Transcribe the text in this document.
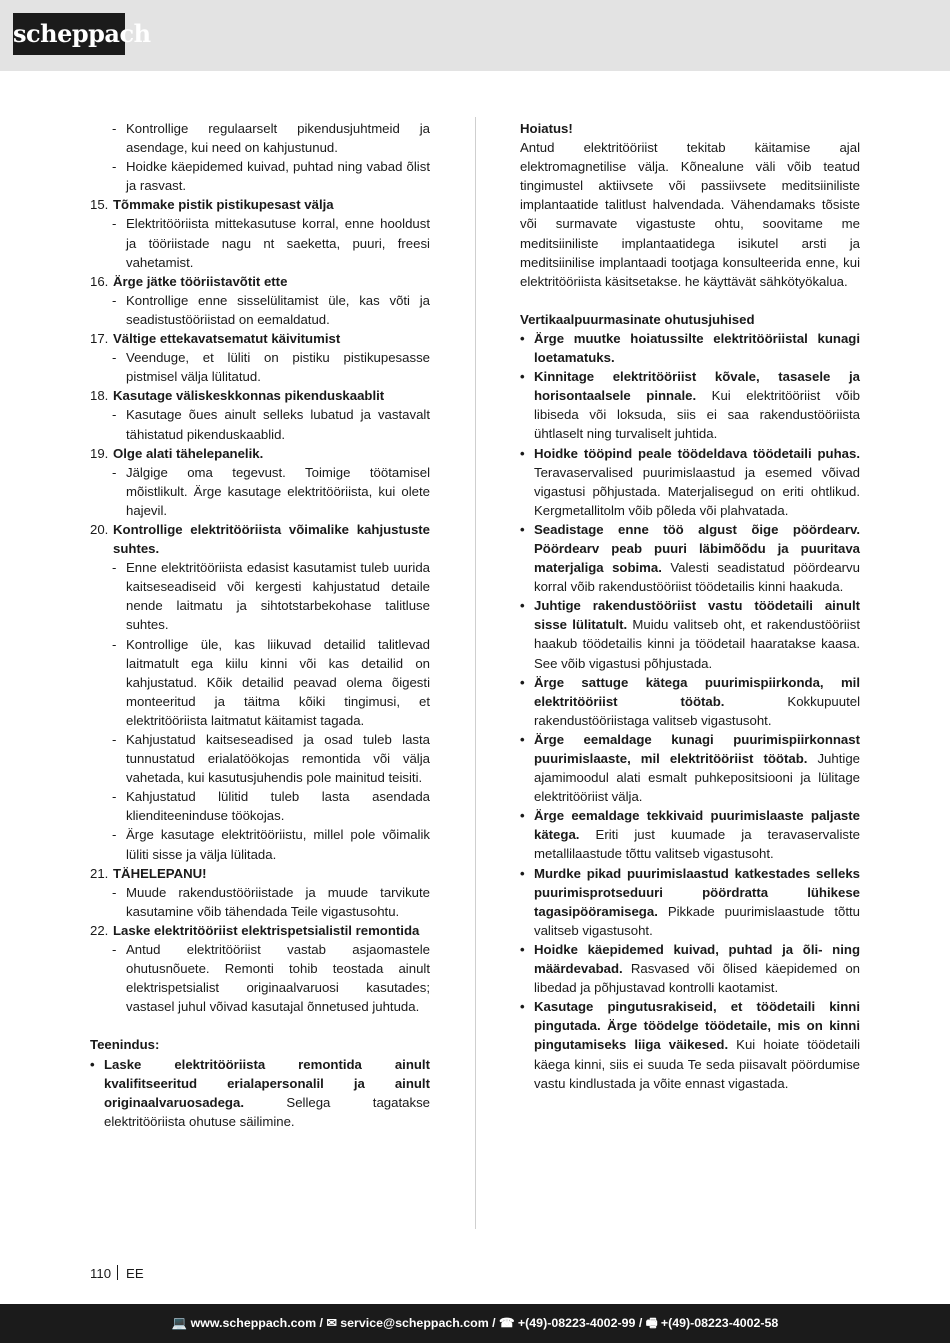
scheppach
- Kontrollige regulaarselt pikendusjuhtmeid ja asendage, kui need on kahjustunud.
- Hoidke käepidemed kuivad, puhtad ning vabad õlist ja rasvast.
15. Tõmmake pistik pistikupesast välja
- Elektritööriista mittekasutuse korral, enne hooldust ja tööriistade nagu nt saeketta, puuri, freesi vahetamist.
16. Ärge jätke tööriistavõtit ette
- Kontrollige enne sisselülitamist üle, kas võti ja seadistustööriistad on eemaldatud.
17. Vältige ettekavatsematut käivitumist
- Veenduge, et lüliti on pistiku pistikupesasse pistmisel välja lülitatud.
18. Kasutage väliskeskkonnas pikenduskaablit
- Kasutage õues ainult selleks lubatud ja vastavalt tähistatud pikenduskaablid.
19. Olge alati tähelepanelik.
- Jälgige oma tegevust. Toimige töötamisel mõistlikult. Ärge kasutage elektritööriista, kui olete hajevil.
20. Kontrollige elektritööriista võimalike kahjustuste suhtes.
- Enne elektritööriista edasist kasutamist tuleb uurida kaitseseadiseid või kergesti kahjustatud detaile nende laitmatu ja sihtotstarbekohase talitluse suhtes.
- Kontrollige üle, kas liikuvad detailid talitlevad laitmatult ega kiilu kinni või kas detailid on kahjustatud. Kõik detailid peavad olema õigesti monteeritud ja täitma kõiki tingimusi, et elektritööriista laitmatut käitamist tagada.
- Kahjustatud kaitseseadised ja osad tuleb lasta tunnustatud erialatöökojas remontida või välja vahetada, kui kasutusjuhendis pole mainitud teisiti.
- Kahjustatud lülitid tuleb lasta asendada klienditeeninduse töökojas.
- Ärge kasutage elektritööriistu, millel pole võimalik lüliti sisse ja välja lülitada.
21. TÄHELEPANU!
- Muude rakendustööriistade ja muude tarvikute kasutamine võib tähendada Teile vigastusohtu.
22. Laske elektritööriist elektrispetsialistil remontida
- Antud elektritööriist vastab asjaomastele ohutusnõuete. Remonti tohib teostada ainult elektrispetsialist originaalvaruosi kasutades; vastasel juhul võivad kasutajal õnnetused juhtuda.

Teenindus:

• Laske elektritööriista remontida ainult kvalifitseeritud erialapersonalil ja ainult originaalvaruosadega. Sellega tagatakse elektritööriista ohutuse säilimine.

Hoiatus!

Antud elektritööriist tekitab käitamise ajal elektromagnetilise välja. Kõnealune väli võib teatud tingimustel aktiivsete või passiivsete meditsiiniliste implantaatide talitlust halvendada. Vähendamaks tõsiste või surmavate vigastuste ohtu, soovitame me meditsiiniliste implantaatidega isikutel arsti ja meditsiinilise implantaadi tootjaga konsulteerida enne, kui elektritööriista käsitsetakse. he käyttävät sähkötyökalua.

Vertikaalpuurmasinate ohutusjuhised

• Ärge muutke hoiatussilte elektritööriistal kunagi loetamatuks.
• Kinnitage elektritööriist kõvale, tasasele ja horisontaalsele pinnale. Kui elektritööriist võib libiseda või loksuda, siis ei saa rakendustööriista ühtlaselt ning turvaliselt juhtida.
• Hoidke tööpind peale töödeldava töödetaili puhas. Teravaservalised puurimislaastud ja esemed võivad vigastusi põhjustada. Materjalisegud on eriti ohtlikud. Kergmetallitolm võib põleda või plahvatada.
• Seadistage enne töö algust õige pöördearv. Pöördearv peab puuri läbimõõdu ja puuritava materjaliga sobima. Valesti seadistatud pöördearvu korral võib rakendustööriist töödetailis kinni haakuda.
• Juhtige rakendustööriist vastu töödetaili ainult sisse lülitatult. Muidu valitseb oht, et rakendustööriist haakub töödetailis kinni ja töödetail haaratakse kaasa. See võib vigastusi põhjustada.
• Ärge sattuge kätega puurimispiirkonda, mil elektritööriist töötab. Kokkupuutel rakendustööriistaga valitseb vigastusoht.
• Ärge eemaldage kunagi puurimispiirkonnast puurimislaaste, mil elektritööriist töötab. Juhtige ajamimoodul alati esmalt puhkepositsiooni ja lülitage elektritööriist välja.
• Ärge eemaldage tekkivaid puurimislaaste paljaste kätega. Eriti just kuumade ja teravaservaliste metallilaastude tõttu valitseb vigastusoht.
• Murdke pikad puurimislaastud katkestades selleks puurimisprotseduuri pöördratta lühikese tagasipööramisega. Pikkade puurimislaastude tõttu valitseb vigastusoht.
• Hoidke käepidemed kuivad, puhtad ja õli- ning määrdevabad. Rasvased või õlised käepidemed on libedad ja põhjustavad kontrolli kaotamist.
• Kasutage pingutusrakiseid, et töödetaili kinni pingutada. Ärge töödelge töödetaile, mis on kinni pingutamiseks liiga väikesed. Kui hoiate töödetaili käega kinni, siis ei suuda Te seda piisavalt pöördumise vastu kindlustada ja võite ennast vigastada.
110 EE
💻 www.scheppach.com / ✉ service@scheppach.com / ☎ +(49)-08223-4002-99 / 🖷 +(49)-08223-4002-58
